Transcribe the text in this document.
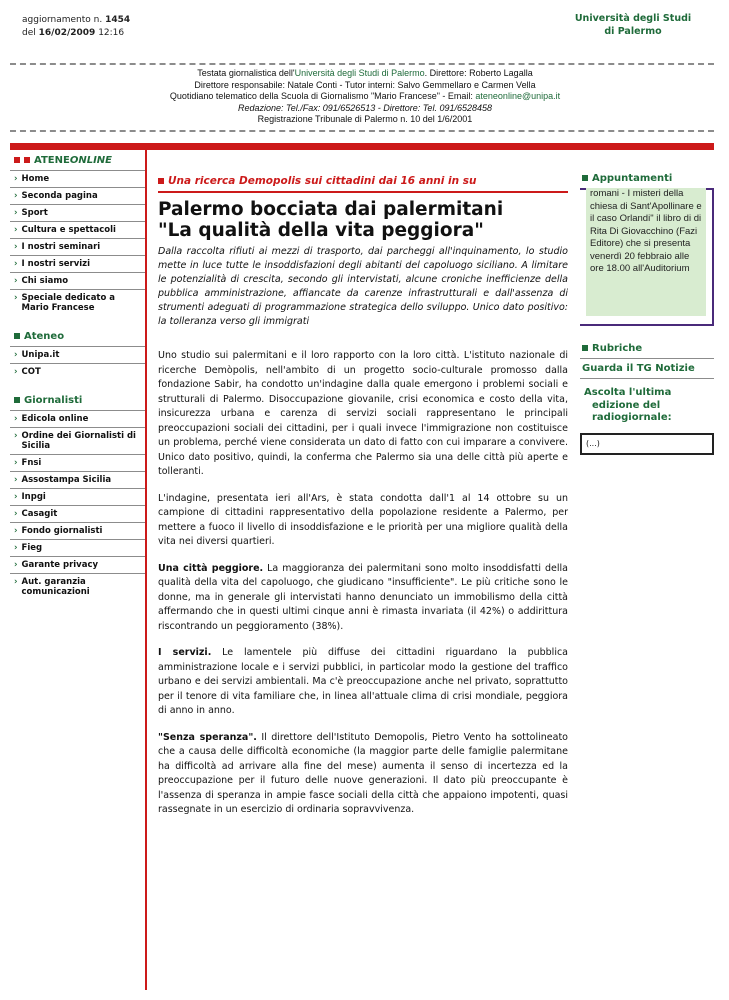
aggiornamento n. 1454
del 16/02/2009 12:16
Università degli Studi
di Palermo
Testata giornalistica dell'Università degli Studi di Palermo. Direttore: Roberto Lagalla
Direttore responsabile: Natale Conti - Tutor interni: Salvo Gemmellaro e Carmen Vella
Quotidiano telematico della Scuola di Giornalismo "Mario Francese" - Email: ateneonline@unipa.it
Redazione: Tel./Fax: 091/6526513 - Direttore: Tel. 091/6528458
Registrazione Tribunale di Palermo n. 10 del 1/6/2001
ATENE ONLINE
› Home
› Seconda pagina
› Sport
› Cultura e spettacoli
› I nostri seminari
› I nostri servizi
› Chi siamo
› Speciale dedicato a Mario Francese
Ateneo
› Unipa.it
› COT
Giornalisti
› Edicola online
› Ordine dei Giornalisti di Sicilia
› Fnsi
› Assostampa Sicilia
› Inpgi
› Casagit
› Fondo giornalisti
› Fieg
› Garante privacy
› Aut. garanzia comunicazioni
Una ricerca Demopolis sui cittadini dai 16 anni in su
Palermo bocciata dai palermitani
"La qualità della vita peggiora"

Dalla raccolta rifiuti ai mezzi di trasporto, dai parcheggi all'inquinamento, lo studio mette in luce tutte le insoddisfazioni degli abitanti del capoluogo siciliano. A limitare le potenzialità di crescita, secondo gli intervistati, alcune croniche inefficienze della pubblica amministrazione, affiancate da carenze infrastrutturali e dall'assenza di strumenti adeguati di programmazione strategica dello sviluppo. Unico dato positivo: la tolleranza verso gli immigrati

Uno studio sui palermitani e il loro rapporto con la loro città. L'istituto nazionale di ricerche Demòpolis, nell'ambito di un progetto socio-culturale promosso dalla fondazione Sabir, ha condotto un'indagine dalla quale emergono i problemi sociali e strutturali di Palermo. Disoccupazione giovanile, crisi economica e costo della vita, insicurezza urbana e carenza di servizi sociali rappresentano le principali preoccupazioni sociali dei cittadini, per i quali invece l'immigrazione non costituisce un problema, perché viene considerata un dato di fatto con cui imparare a convivere. Unico dato positivo, quindi, la conferma che Palermo sia una delle città più aperte e tolleranti.

L'indagine, presentata ieri all'Ars, è stata condotta dall'1 al 14 ottobre su un campione di cittadini rappresentativo della popolazione residente a Palermo, per mettere a fuoco il livello di insoddisfazione e le priorità per una migliore qualità della vita nei diversi quartieri.

Una città peggiore. La maggioranza dei palermitani sono molto insoddisfatti della qualità della vita del capoluogo, che giudicano "insufficiente". Le più critiche sono le donne, ma in generale gli intervistati hanno denunciato un immobilismo della città affermando che in questi ultimi cinque anni è rimasta invariata (il 42%) o addirittura riscontrando un peggioramento (38%).

I servizi. Le lamentele più diffuse dei cittadini riguardano la pubblica amministrazione locale e i servizi pubblici, in particolar modo la gestione del traffico urbano e dei servizi ambientali. Ma c'è preoccupazione anche nel privato, soprattutto per il tenore di vita familiare che, in linea all'attuale clima di crisi mondiale, peggiora di anno in anno.

"Senza speranza". Il direttore dell'Istituto Demopolis, Pietro Vento ha sottolineato che a causa delle difficoltà economiche (la maggior parte delle famiglie palermitane ha difficoltà ad arrivare alla fine del mese) aumenta il senso di incertezza ed la preoccupazione per il futuro delle nuove generazioni. Il dato più preoccupante è l'assenza di speranza in ampie fasce sociali della città che appaiono impotenti, quasi rassegnate in un esercizio di ordinaria sopravvivenza.

Appuntamenti

romani - I misteri della chiesa di Sant'Apollinare e il caso Orlandi" il libro di di Rita Di Giovacchino (Fazi Editore) che si presenta venerdì 20 febbraio alle ore 18.00 all'Auditorium

Rubriche
Guarda il TG Notizie
Ascolta l'ultima
edizione del radiogiornale:
(...)
